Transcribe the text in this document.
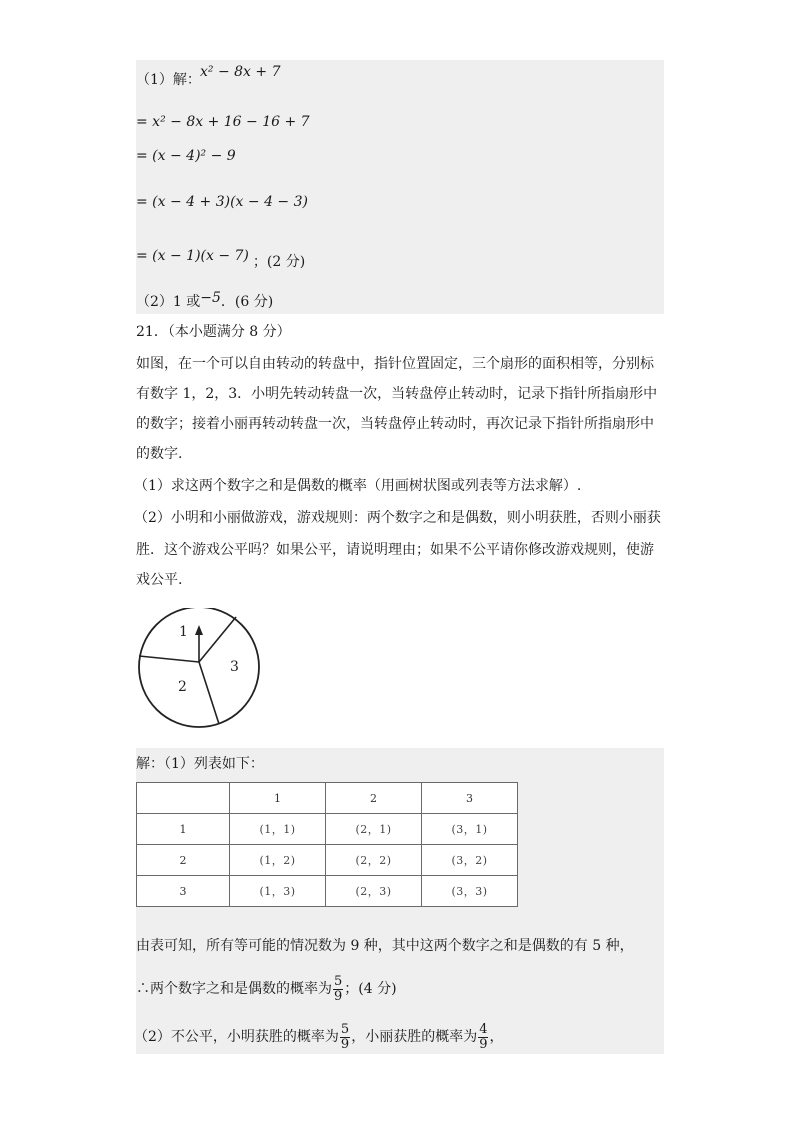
（1）解： x² − 8x + 7
= x² − 8x + 16 − 16 + 7
= (x − 4)² − 9
= (x − 4 + 3)(x − 4 − 3)
= (x − 1)(x − 7) ；(2 分)
（2）1 或−5．(6 分)
21．（本小题满分 8 分）
如图，在一个可以自由转动的转盘中，指针位置固定，三个扇形的面积相等，分别标
有数字 1，2，3．小明先转动转盘一次，当转盘停止转动时，记录下指针所指扇形中
的数字；接着小丽再转动转盘一次，当转盘停止转动时，再次记录下指针所指扇形中
的数字.
（1）求这两个数字之和是偶数的概率（用画树状图或列表等方法求解）.
（2）小明和小丽做游戏，游戏规则：两个数字之和是偶数，则小明获胜，否则小丽获
胜．这个游戏公平吗？如果公平，请说明理由；如果不公平请你修改游戏规则，使游
戏公平.
1
2
3
解：（1）列表如下：
	1	2	3
1	(1，1)	(2，1)	(3，1)
2	(1，2)	(2，2)	(3，2)
3	(1，3)	(2，3)	(3，3)
由表可知，所有等可能的情况数为 9 种，其中这两个数字之和是偶数的有 5 种，
∴两个数字之和是偶数的概率为 $\frac{5}{9}$ ；(4 分)
（2）不公平，小明获胜的概率为 $\frac{5}{9}$ ，小丽获胜的概率为 $\frac{4}{9}$ ，
